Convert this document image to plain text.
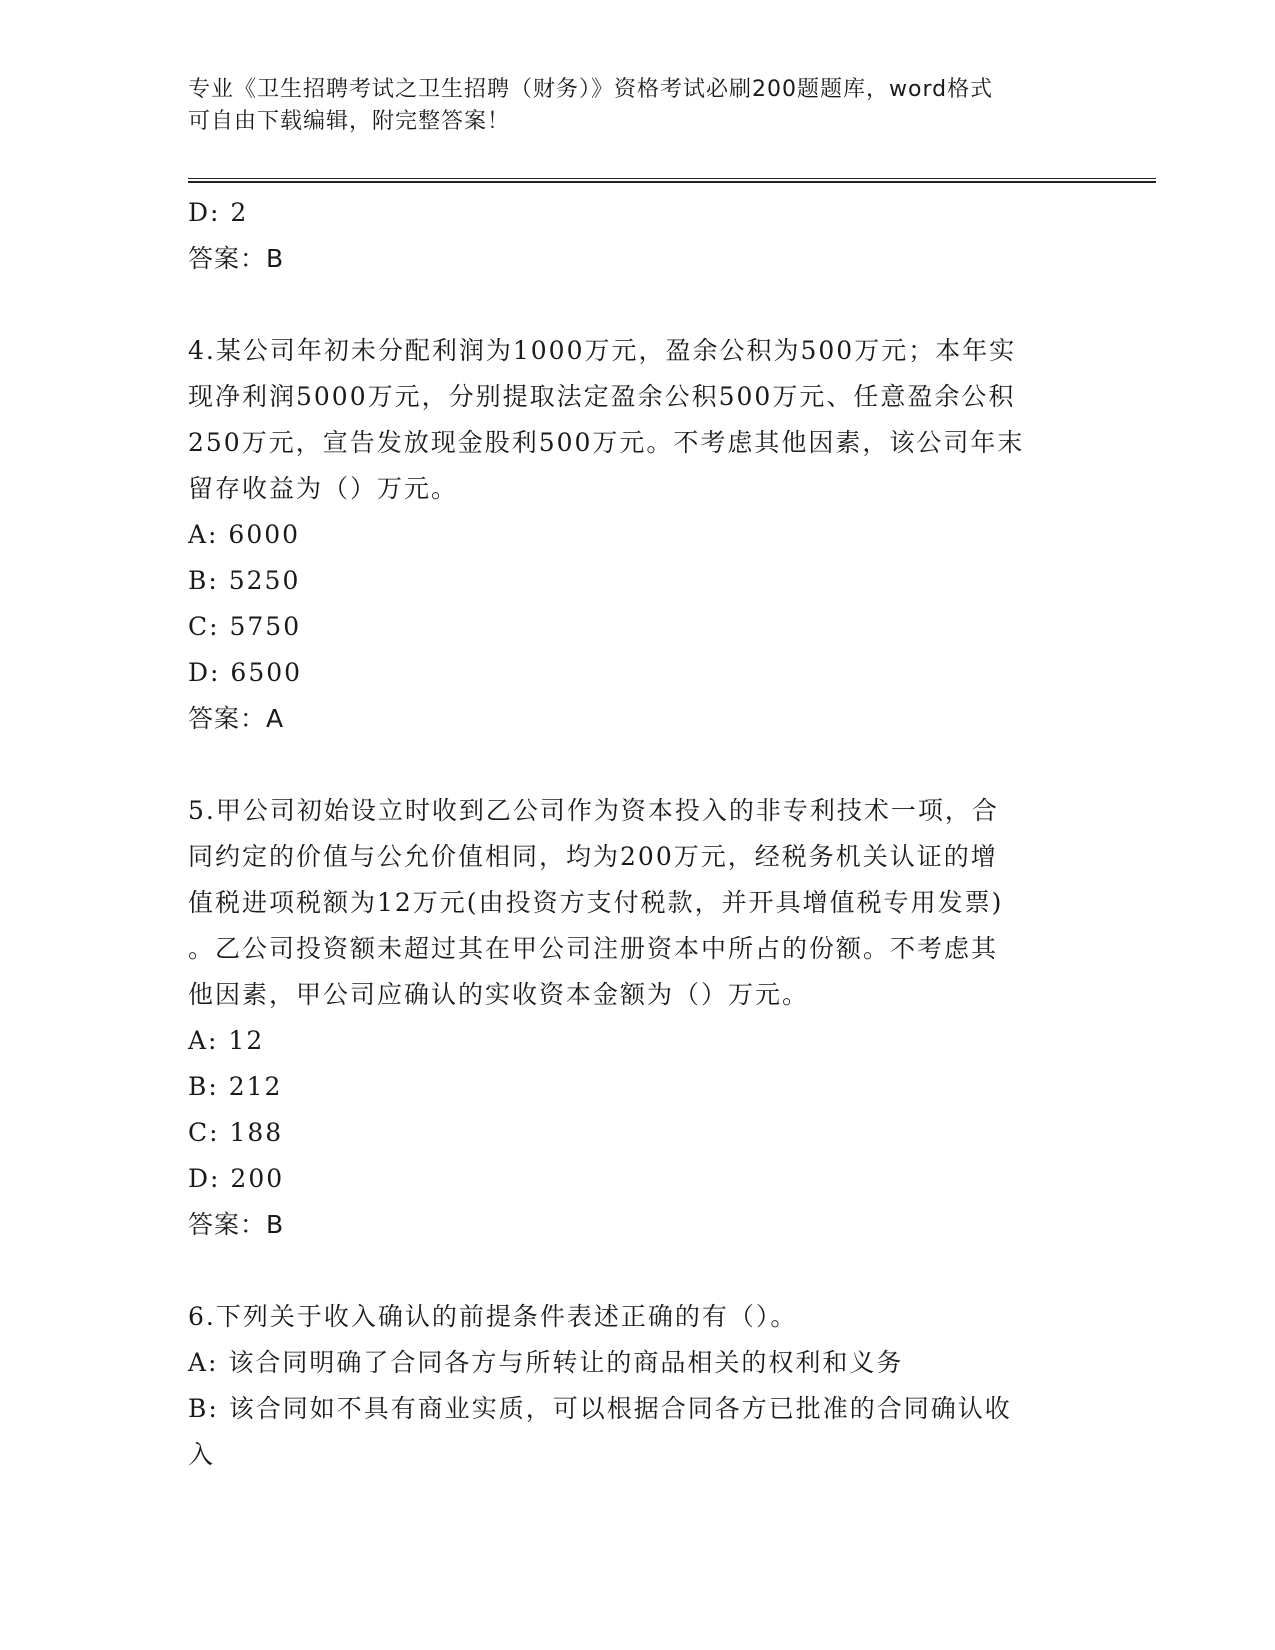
专业《卫生招聘考试之卫生招聘（财务）》资格考试必刷200题题库，word格式
可自由下载编辑，附完整答案！
D: 2
答案：B
4.某公司年初未分配利润为1000万元，盈余公积为500万元；本年实
现净利润5000万元，分别提取法定盈余公积500万元、任意盈余公积
250万元，宣告发放现金股利500万元。不考虑其他因素，该公司年末
留存收益为（）万元。
A: 6000
B: 5250
C: 5750
D: 6500
答案：A
5.甲公司初始设立时收到乙公司作为资本投入的非专利技术一项，合
同约定的价值与公允价值相同，均为200万元，经税务机关认证的增
值税进项税额为12万元(由投资方支付税款，并开具增值税专用发票)
。乙公司投资额未超过其在甲公司注册资本中所占的份额。不考虑其
他因素，甲公司应确认的实收资本金额为（）万元。
A: 12
B: 212
C: 188
D: 200
答案：B
6.下列关于收入确认的前提条件表述正确的有（）。
A: 该合同明确了合同各方与所转让的商品相关的权利和义务
B: 该合同如不具有商业实质，可以根据合同各方已批准的合同确认收
入
